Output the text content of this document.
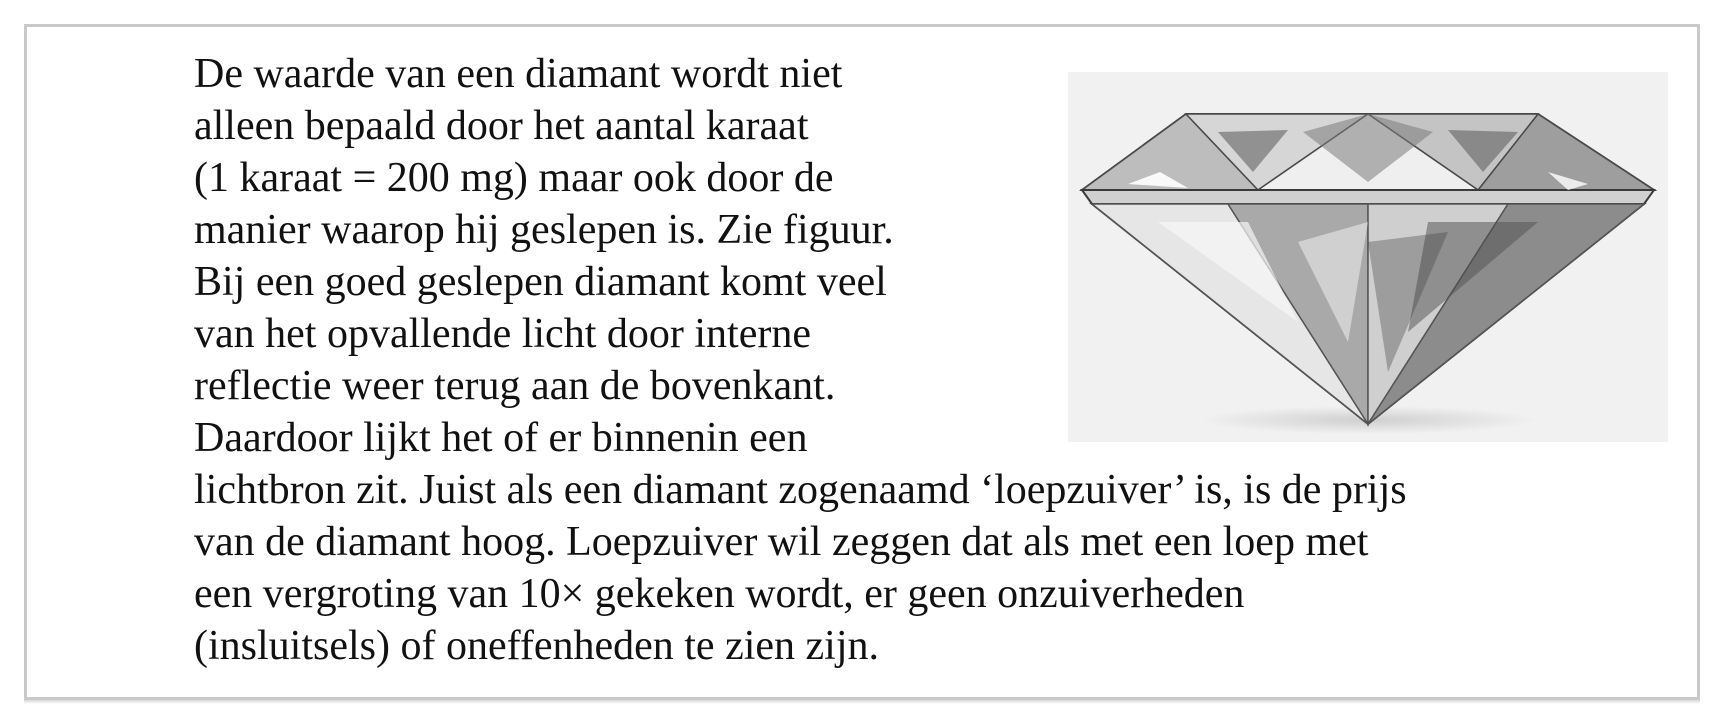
De waarde van een diamant wordt niet
alleen bepaald door het aantal karaat
(1 karaat = 200 mg) maar ook door de
manier waarop hij geslepen is. Zie figuur.
Bij een goed geslepen diamant komt veel
van het opvallende licht door interne
reflectie weer terug aan de bovenkant.
Daardoor lijkt het of er binnenin een
lichtbron zit. Juist als een diamant zogenaamd ‘loepzuiver’ is, is de prijs
van de diamant hoog. Loepzuiver wil zeggen dat als met een loep met
een vergroting van 10× gekeken wordt, er geen onzuiverheden
(insluitsels) of oneffenheden te zien zijn.
